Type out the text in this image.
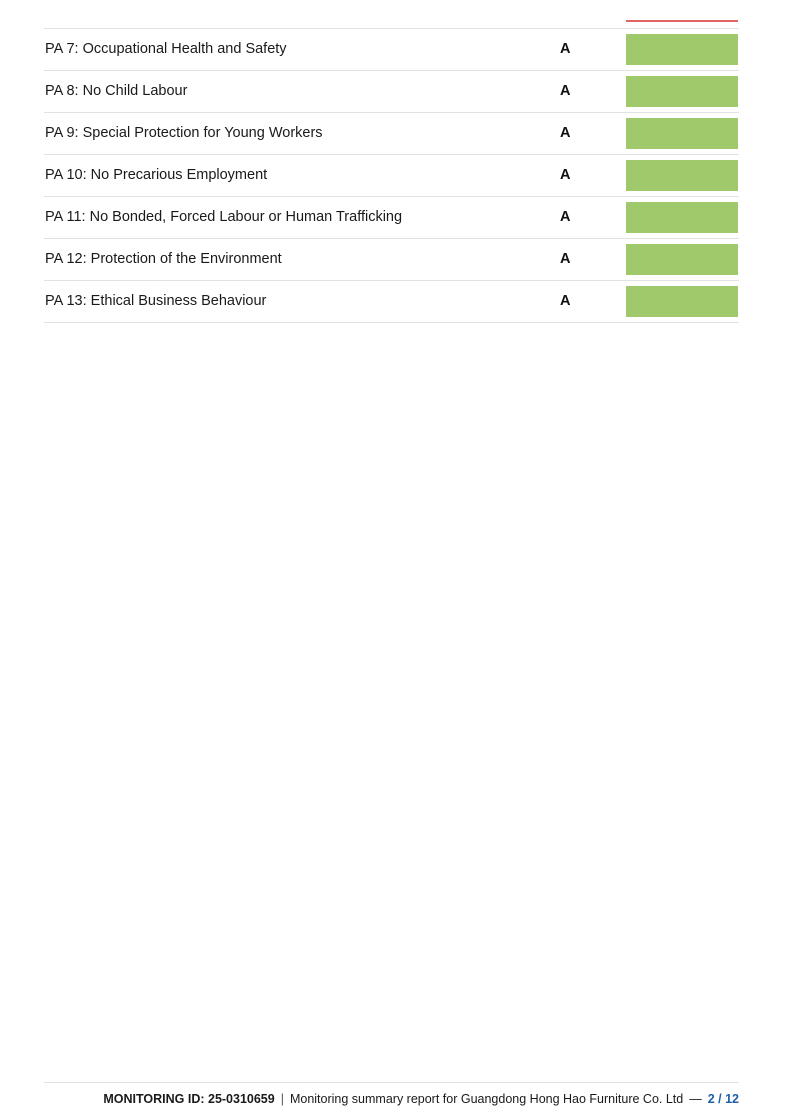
PA 7: Occupational Health and Safety	A
PA 8: No Child Labour	A
PA 9: Special Protection for Young Workers	A
PA 10: No Precarious Employment	A
PA 11: No Bonded, Forced Labour or Human Trafficking	A
PA 12: Protection of the Environment	A
PA 13: Ethical Business Behaviour	A
MONITORING ID: 25-0310659 | Monitoring summary report for Guangdong Hong Hao Furniture Co. Ltd — 2 / 12
